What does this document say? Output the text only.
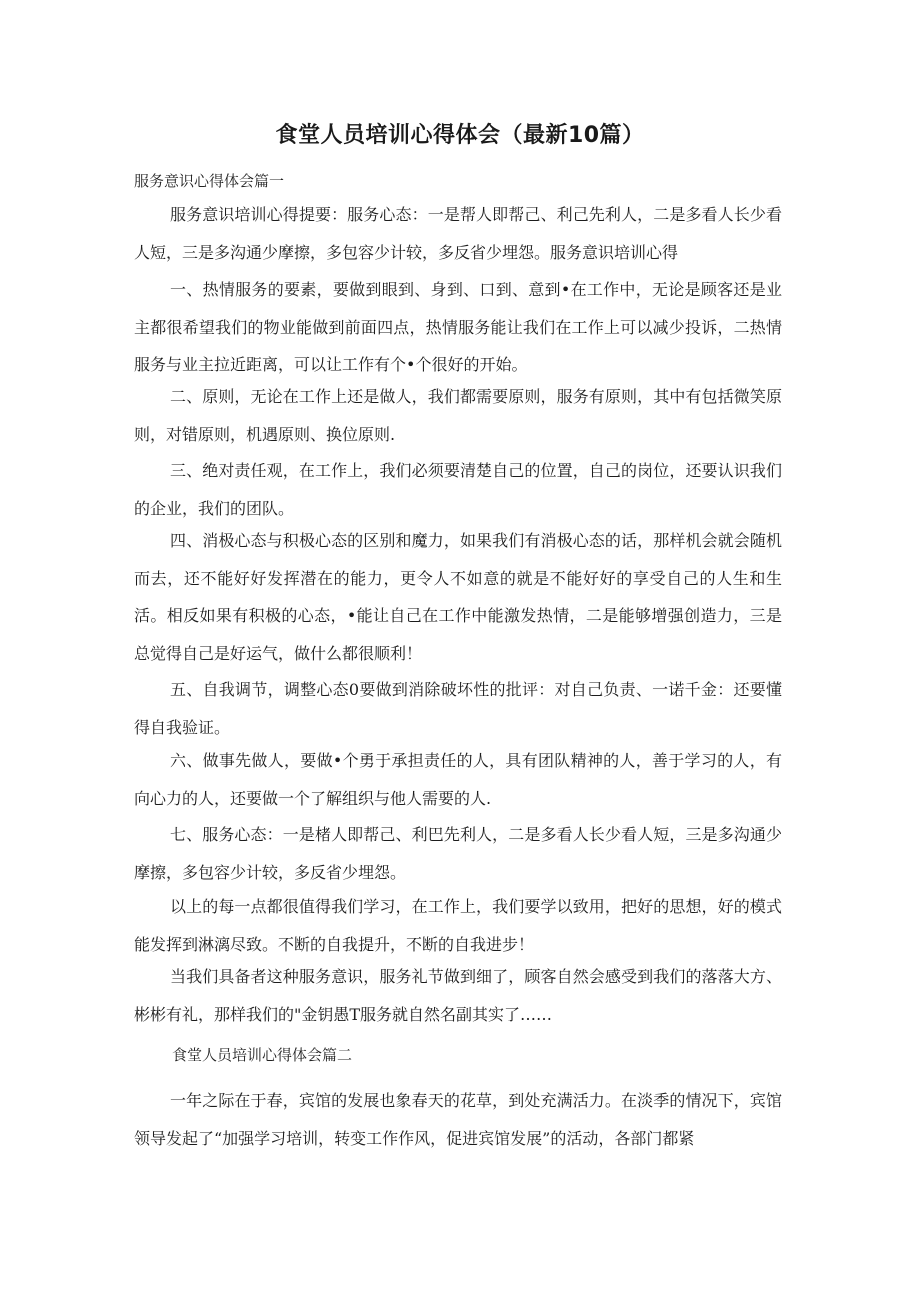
食堂人员培训心得体会（最新10篇）
服务意识心得体会篇一

服务意识培训心得提要：服务心态：一是帮人即帮己、利己先利人，二是多看人长少看人短，三是多沟通少摩擦，多包容少计较，多反省少埋怨。服务意识培训心得

一、热情服务的要素，要做到眼到、身到、口到、意到•在工作中，无论是顾客还是业主都很希望我们的物业能做到前面四点，热情服务能让我们在工作上可以减少投诉，二热情服务与业主拉近距离，可以让工作有个•个很好的开始。

二、原则，无论在工作上还是做人，我们都需要原则，服务有原则，其中有包括微笑原则，对错原则，机遇原则、换位原则.

三、绝对责任观，在工作上，我们必须要清楚自己的位置，自己的岗位，还要认识我们的企业，我们的团队。

四、消极心态与积极心态的区别和魔力，如果我们有消极心态的话，那样机会就会随机而去，还不能好好发挥潜在的能力，更令人不如意的就是不能好好的享受自己的人生和生活。相反如果有积极的心态，•能让自己在工作中能激发热情，二是能够增强创造力，三是总觉得自己是好运气，做什么都很顺利！

五、自我调节，调整心态0要做到消除破坏性的批评：对自己负责、一诺千金：还要懂得自我验证。

六、做事先做人，要做•个勇于承担责任的人，具有团队精神的人，善于学习的人，有向心力的人，还要做一个了解组织与他人需要的人.

七、服务心态：一是楮人即帮己、利巴先利人，二是多看人长少看人短，三是多沟通少摩擦，多包容少计较，多反省少埋怨。

以上的每一点都很值得我们学习，在工作上，我们要学以致用，把好的思想，好的模式能发挥到淋漓尽致。不断的自我提升，不断的自我进步！

当我们具备者这种服务意识，服务礼节做到细了，顾客自然会感受到我们的落落大方、彬彬有礼，那样我们的"金钥愚T服务就自然名副其实了……

食堂人员培训心得体会篇二

一年之际在于春，宾馆的发展也象春天的花草，到处充满活力。在淡季的情况下，宾馆领导发起了“加强学习培训，转变工作作风，促进宾馆发展”的活动，各部门都紧
